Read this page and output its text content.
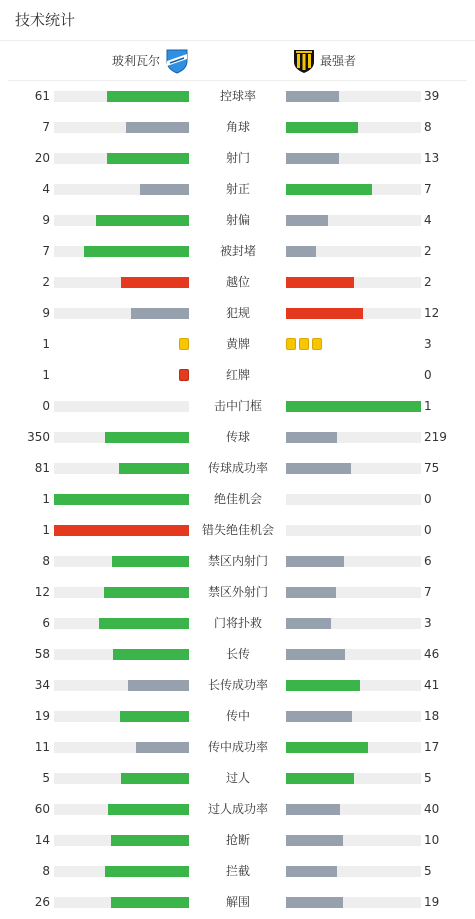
技术统计
玻利瓦尔	最强者
61	控球率	39
7	角球	8
20	射门	13
4	射正	7
9	射偏	4
7	被封堵	2
2	越位	2
9	犯规	12
1	黄牌	3
1	红牌	0
0	击中门框	1
350	传球	219
81	传球成功率	75
1	绝佳机会	0
1	错失绝佳机会	0
8	禁区内射门	6
12	禁区外射门	7
6	门将扑救	3
58	长传	46
34	长传成功率	41
19	传中	18
11	传中成功率	17
5	过人	5
60	过人成功率	40
14	抢断	10
8	拦截	5
26	解围	19
